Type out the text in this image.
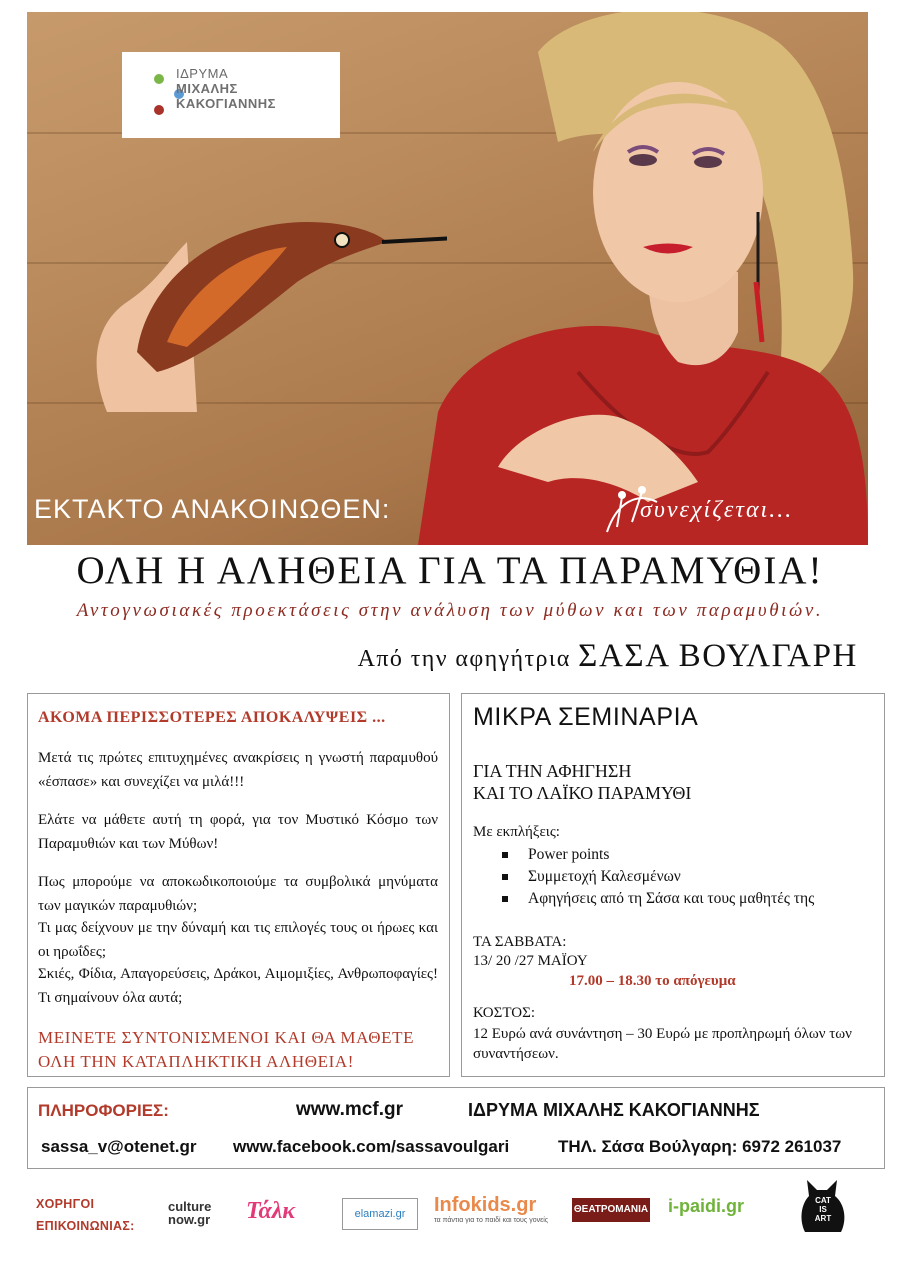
ΙΔΡΥΜΑ
ΜΙΧΑΛΗΣ
ΚΑΚΟΓΙΑΝΝΗΣ
ΕΚΤΑΚΤΟ ΑΝΑΚΟΙΝΩΘΕΝ:	συνεχίζεται...
ΟΛΗ Η ΑΛΗΘΕΙΑ ΓΙΑ ΤΑ ΠΑΡΑΜΥΘΙΑ!
Αντογνωσιακές προεκτάσεις στην ανάλυση των μύθων και των παραμυθιών.
Από την αφηγήτρια ΣΑΣΑ ΒΟΥΛΓΑΡΗ
ΑΚΟΜΑ ΠΕΡΙΣΣΟΤΕΡΕΣ ΑΠΟΚΑΛΥΨΕΙΣ ...
Μετά τις πρώτες επιτυχημένες ανακρίσεις η γνωστή παραμυθού «έσπασε» και συνεχίζει να μιλά!!!
Ελάτε να μάθετε αυτή τη φορά, για τον Μυστικό Κόσμο των Παραμυθιών και των Μύθων!
Πως μπορούμε να αποκωδικοποιούμε τα συμβολικά μηνύματα των μαγικών παραμυθιών;
Τι μας δείχνουν με την δύναμή και τις επιλογές τους οι ήρωες και οι ηρωΐδες;
Σκιές, Φίδια, Απαγορεύσεις, Δράκοι, Αιμομιξίες, Ανθρωποφαγίες! Τι σημαίνουν όλα αυτά;
ΜΕΙΝΕΤΕ ΣΥΝΤΟΝΙΣΜΕΝΟΙ ΚΑΙ ΘΑ ΜΑΘΕΤΕ ΟΛΗ ΤΗΝ ΚΑΤΑΠΛΗΚΤΙΚΗ ΑΛΗΘΕΙΑ!
ΜΙΚΡΑ ΣΕΜΙΝΑΡΙΑ
ΓΙΑ ΤΗΝ ΑΦΗΓΗΣΗ
ΚΑΙ ΤΟ ΛΑΪΚΟ ΠΑΡΑΜΥΘΙ
Με εκπλήξεις:
Power points
Συμμετοχή Καλεσμένων
Αφηγήσεις από τη Σάσα και τους μαθητές της
ΤΑ ΣΑΒΒΑΤΑ:
13/ 20 /27 ΜΑΪΟΥ
17.00 – 18.30 το απόγευμα
ΚΟΣΤΟΣ:
12 Ευρώ ανά συνάντηση – 30 Ευρώ με προπληρωμή όλων των συναντήσεων.
ΠΛΗΡΟΦΟΡΙΕΣ:	www.mcf.gr	ΙΔΡΥΜΑ ΜΙΧΑΛΗΣ ΚΑΚΟΓΙΑΝΝΗΣ
sassa_v@otenet.gr www.facebook.com/sassavoulgari	ΤΗΛ. Σάσα Βούλγαρη: 6972 261037
ΧΟΡΗΓΟΙ
ΕΠΙΚΟΙΝΩΝΙΑΣ:
culture
now.gr	Τάλκ	elamazi.gr	Infokids.gr
τα πάντια για το παιδί και τους γονείς
ΘΕΑΤΡΟΜΑΝΙΑ i-paidi.gr	CAT
IS
ART
